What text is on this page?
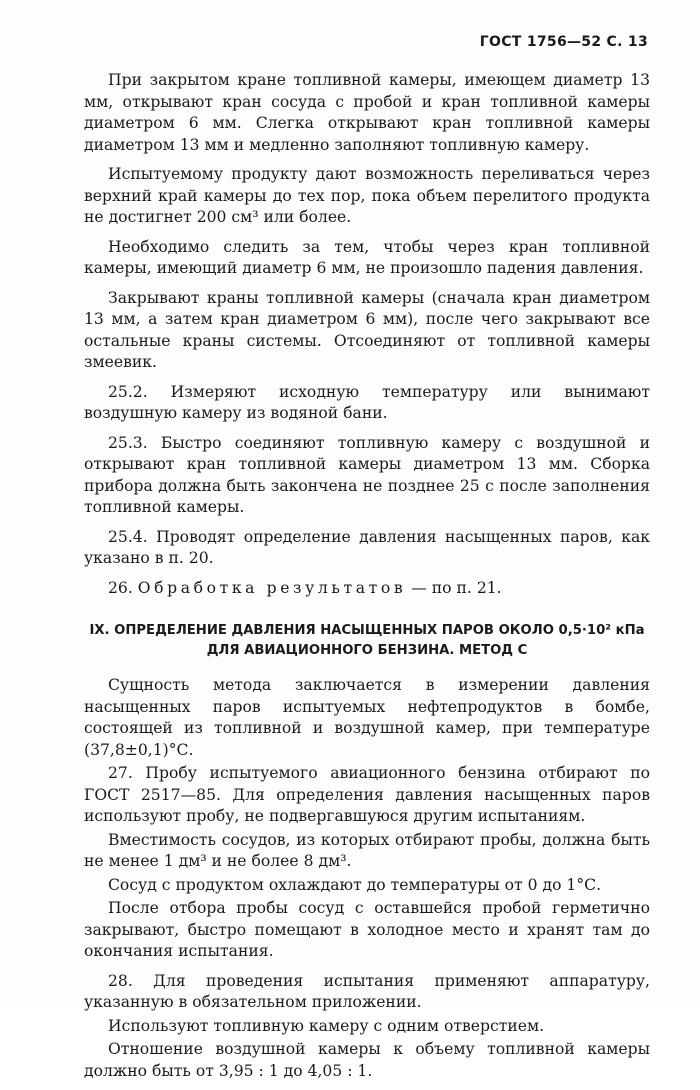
ГОСТ 1756—52 С. 13

При закрытом кране топливной камеры, имеющем диаметр 13 мм, открывают кран сосуда с пробой и кран топливной камеры диаметром 6 мм. Слегка открывают кран топливной камеры диаметром 13 мм и медленно заполняют топливную камеру.

Испытуемому продукту дают возможность переливаться через верхний край камеры до тех пор, пока объем перелитого продукта не достигнет 200 см³ или более.

Необходимо следить за тем, чтобы через кран топливной камеры, имеющий диаметр 6 мм, не произошло падения давления.

Закрывают краны топливной камеры (сначала кран диаметром 13 мм, а затем кран диаметром 6 мм), после чего закрывают все остальные краны системы. Отсоединяют от топливной камеры змеевик.

25.2. Измеряют исходную температуру или вынимают воздушную камеру из водяной бани.

25.3. Быстро соединяют топливную камеру с воздушной и открывают кран топливной камеры диаметром 13 мм. Сборка прибора должна быть закончена не позднее 25 с после заполнения топливной камеры.

25.4. Проводят определение давления насыщенных паров, как указано в п. 20.

26. Обработка результатов — по п. 21.

IX. ОПРЕДЕЛЕНИЕ ДАВЛЕНИЯ НАСЫЩЕННЫХ ПАРОВ ОКОЛО 0,5·10² кПа
ДЛЯ АВИАЦИОННОГО БЕНЗИНА. МЕТОД С

Сущность метода заключается в измерении давления насыщенных паров испытуемых нефтепродуктов в бомбе, состоящей из топливной и воздушной камер, при температуре (37,8±0,1)°С.

27. Пробу испытуемого авиационного бензина отбирают по ГОСТ 2517—85. Для определения давления насыщенных паров используют пробу, не подвергавшуюся другим испытаниям.

Вместимость сосудов, из которых отбирают пробы, должна быть не менее 1 дм³ и не более 8 дм³.

Сосуд с продуктом охлаждают до температуры от 0 до 1°С.

После отбора пробы сосуд с оставшейся пробой герметично закрывают, быстро помещают в холодное место и хранят там до окончания испытания.

28. Для проведения испытания применяют аппаратуру, указанную в обязательном приложении.

Используют топливную камеру с одним отверстием.

Отношение воздушной камеры к объему топливной камеры должно быть от 3,95 : 1 до 4,05 : 1.
